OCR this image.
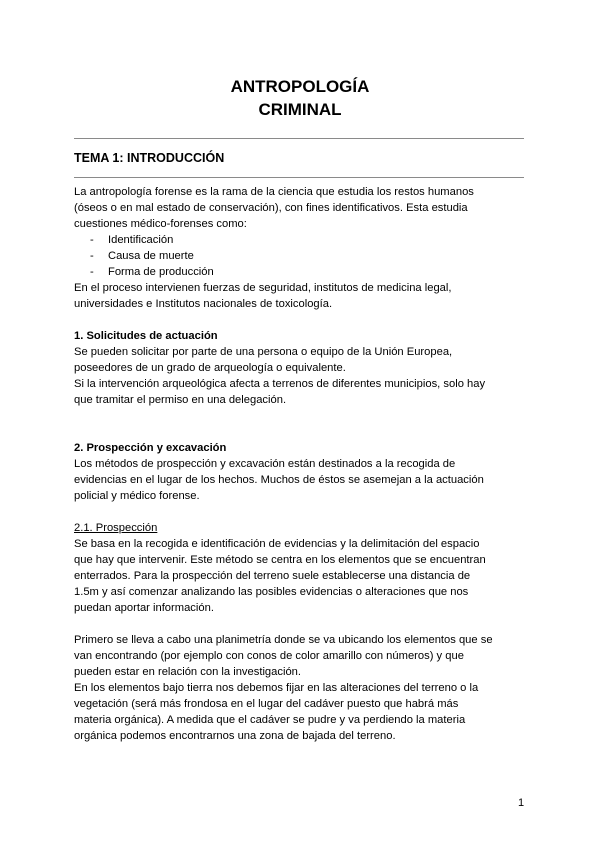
ANTROPOLOGÍA
CRIMINAL
TEMA 1: INTRODUCCIÓN

La antropología forense es la rama de la ciencia que estudia los restos humanos

(óseos o en mal estado de conservación), con fines identificativos. Esta estudia

cuestiones médico-forenses como:

-	Identificación
-	Causa de muerte
-	Forma de producción

En el proceso intervienen fuerzas de seguridad, institutos de medicina legal,

universidades e Institutos nacionales de toxicología.

1. Solicitudes de actuación

Se pueden solicitar por parte de una persona o equipo de la Unión Europea,

poseedores de un grado de arqueología o equivalente.

Si la intervención arqueológica afecta a terrenos de diferentes municipios, solo hay

que tramitar el permiso en una delegación.

2. Prospección y excavación

Los métodos de prospección y excavación están destinados a la recogida de

evidencias en el lugar de los hechos. Muchos de éstos se asemejan a la actuación

policial y médico forense.

2.1. Prospección

Se basa en la recogida e identificación de evidencias y la delimitación del espacio

que hay que intervenir. Este método se centra en los elementos que se encuentran

enterrados. Para la prospección del terreno suele establecerse una distancia de

1.5m y así comenzar analizando las posibles evidencias o alteraciones que nos

puedan aportar información.

Primero se lleva a cabo una planimetría donde se va ubicando los elementos que se

van encontrando (por ejemplo con conos de color amarillo con números) y que

pueden estar en relación con la investigación.

En los elementos bajo tierra nos debemos fijar en las alteraciones del terreno o la

vegetación (será más frondosa en el lugar del cadáver puesto que habrá más

materia orgánica). A medida que el cadáver se pudre y va perdiendo la materia

orgánica podemos encontrarnos una zona de bajada del terreno.

1
